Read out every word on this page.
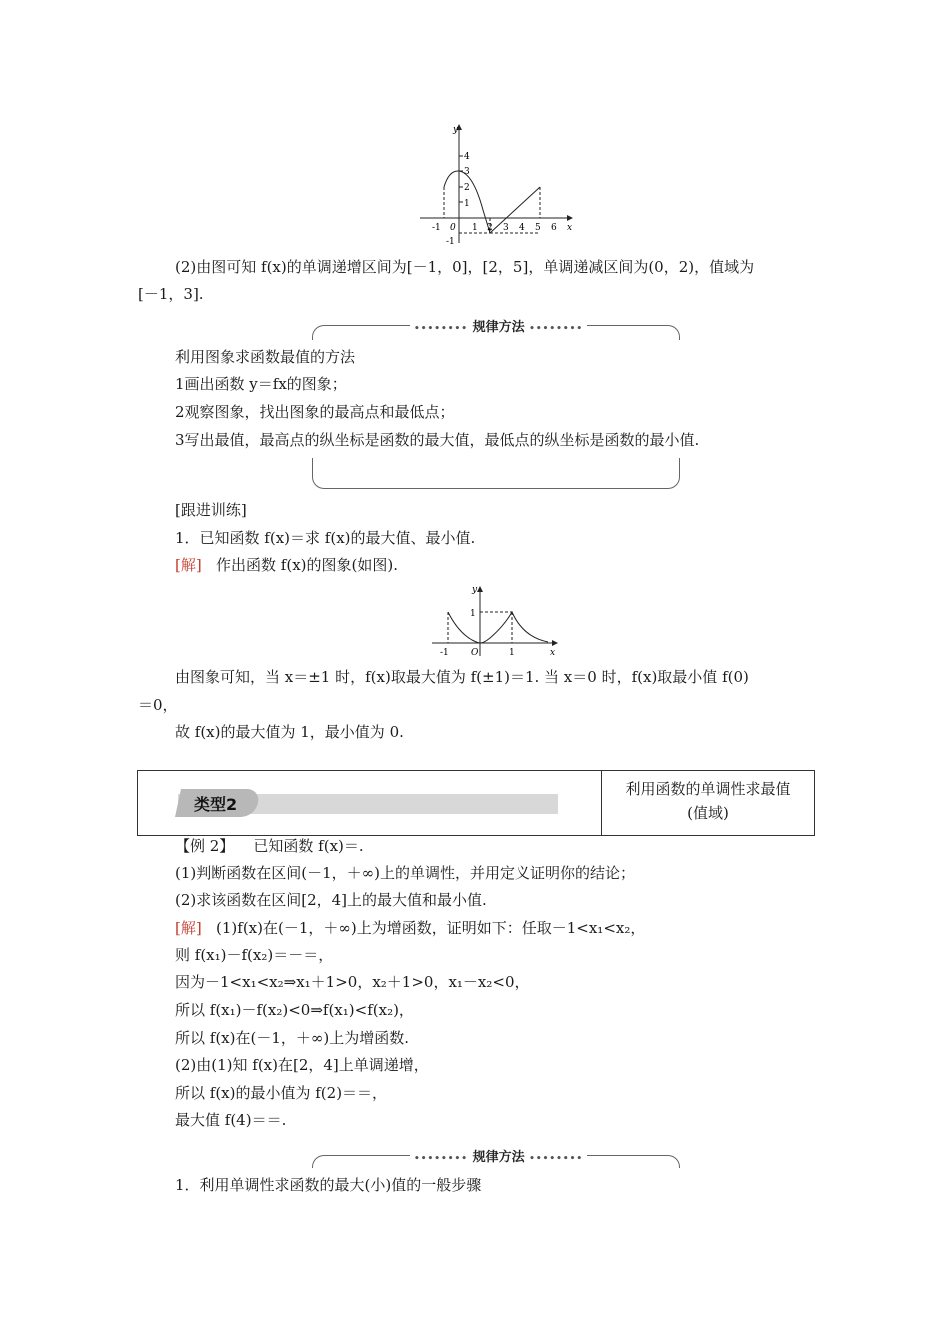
y
x
4
3
2
1
-1
-1 0 1 2 3 4 5 6
(2)由图可知 f(x)的单调递增区间为[－1，0]，[2，5]，单调递减区间为(0，2)，值域为
[－1，3].
•••••••• 规律方法 ••••••••
利用图象求函数最值的方法
1画出函数 y＝fx的图象；
2观察图象，找出图象的最高点和最低点；
3写出最值，最高点的纵坐标是函数的最大值，最低点的纵坐标是函数的最小值.
[跟进训练]
1．已知函数 f(x)＝求 f(x)的最大值、最小值.
[解] 作出函数 f(x)的图象(如图).
y
x
1
-1 O	1
由图象可知，当 x＝±1 时，f(x)取最大值为 f(±1)＝1. 当 x＝0 时，f(x)取最小值 f(0)
＝0，
故 f(x)的最大值为 1，最小值为 0.
类型2
利用函数的单调性求最值
(值域)
【例 2】 已知函数 f(x)＝.
(1)判断函数在区间(－1，＋∞)上的单调性，并用定义证明你的结论；
(2)求该函数在区间[2，4]上的最大值和最小值.
[解] (1)f(x)在(－1，＋∞)上为增函数，证明如下：任取－1<x₁<x₂，
则 f(x₁)－f(x₂)＝－＝，
因为－1<x₁<x₂⇒x₁＋1>0，x₂＋1>0，x₁－x₂<0，
所以 f(x₁)－f(x₂)<0⇒f(x₁)<f(x₂)，
所以 f(x)在(－1，＋∞)上为增函数.
(2)由(1)知 f(x)在[2，4]上单调递增，
所以 f(x)的最小值为 f(2)＝＝，
最大值 f(4)＝＝.
•••••••• 规律方法 ••••••••
1．利用单调性求函数的最大(小)值的一般步骤
